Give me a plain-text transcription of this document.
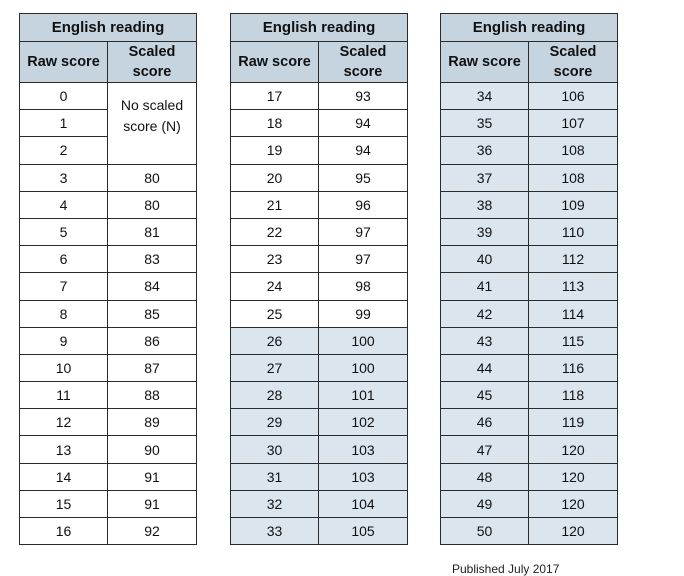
English reading	
Raw score	Scaled score
0	No scaled score (N)
1	
2	
3	80
4	80
5	81
6	83
7	84
8	85
9	86
10	87
11	88
12	89
13	90
14	91
15	91
16	92
English reading	
Raw score	Scaled score
17	93
18	94
19	94
20	95
21	96
22	97
23	97
24	98
25	99
26	100
27	100
28	101
29	102
30	103
31	103
32	104
33	105
English reading	
Raw score	Scaled score
34	106
35	107
36	108
37	108
38	109
39	110
40	112
41	113
42	114
43	115
44	116
45	118
46	119
47	120
48	120
49	120
50	120
Published July 2017
